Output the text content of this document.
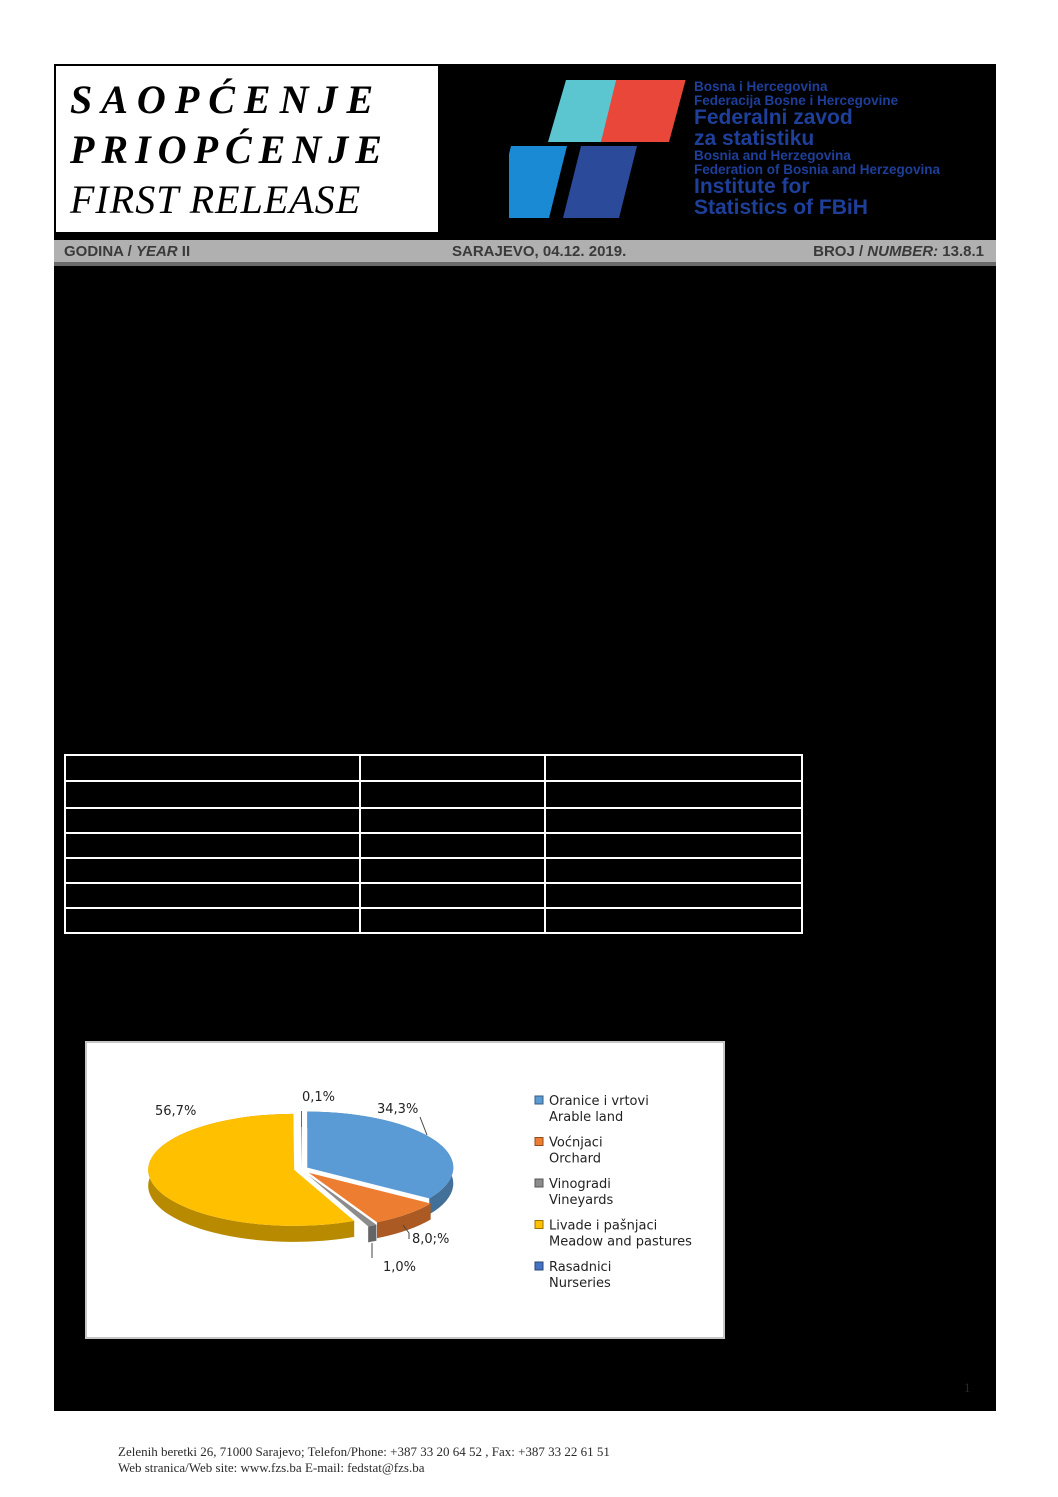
SAOPĆENJE
PRIOPĆENJE
FIRST RELEASE
Bosna i Hercegovina
Federacija Bosne i Hercegovine
Federalni zavod
za statistiku
Bosnia and Herzegovina
Federation of Bosnia and Herzegovina
Institute for
Statistics of FBiH
GODINA / YEAR II	SARAJEVO, 04.12. 2019.	BROJ / NUMBER: 13.8.1
Zelenih beretki 26, 71000 Sarajevo; Telefon/Phone: +387 33 20 64 52 , Fax: +387 33 22 61 51
Web stranica/Web site: www.fzs.ba E-mail: fedstat@fzs.ba
1

34,3%
8,0;%
1,0%
56,7%
0,1%	Oranice i vrtovi
Arable land
Voćnjaci
Orchard
Vinogradi
Vineyards
Livade i pašnjaci
Meadow and pastures
Rasadnici
Nurseries
